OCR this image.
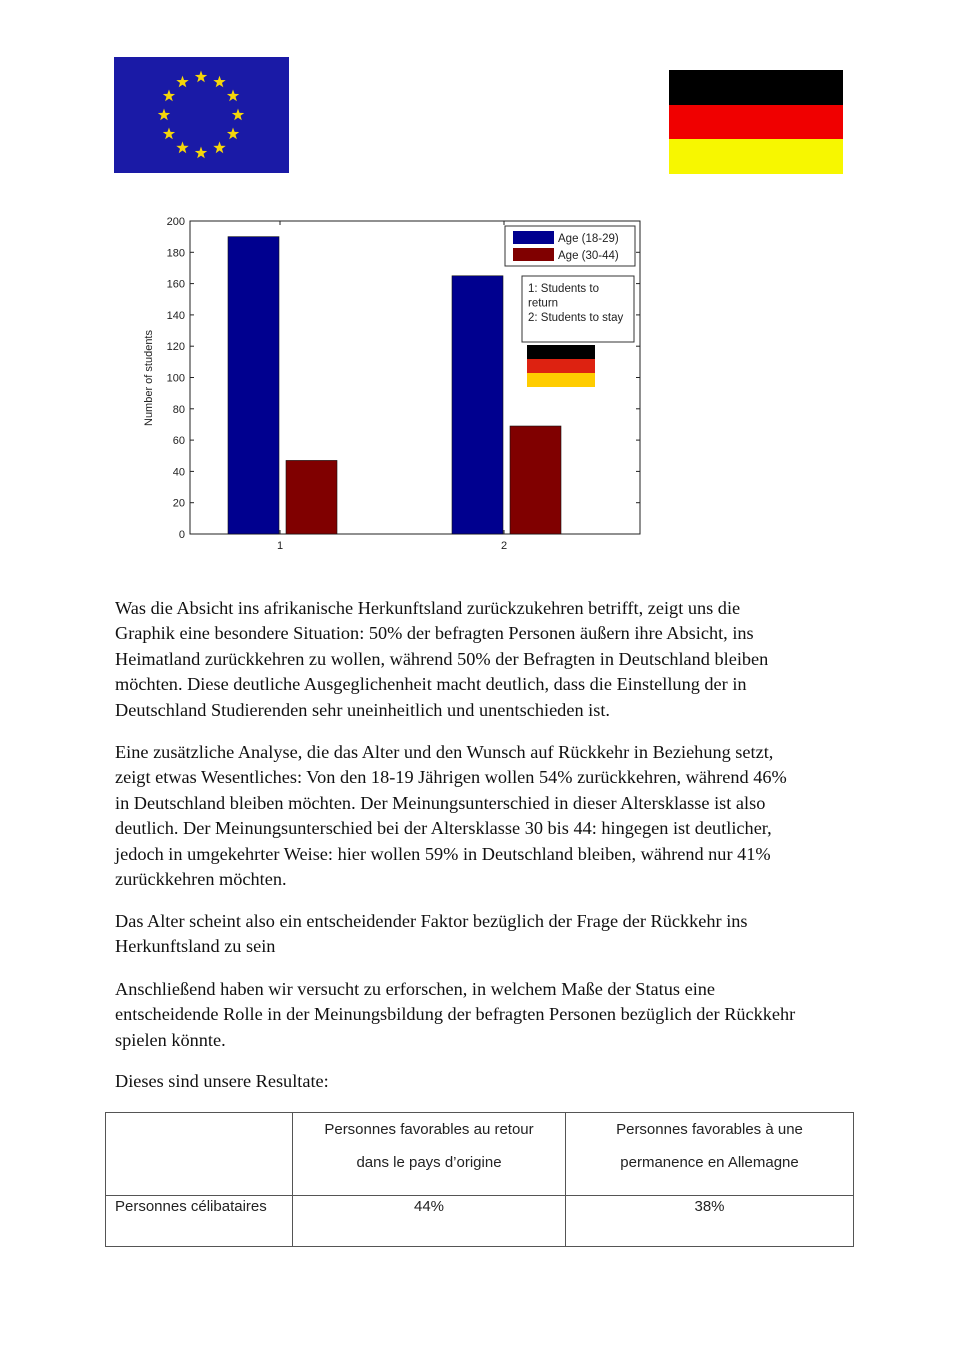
0
20
40
60
80
100
120
140
160
180
200
1	2
Number of students
Age (18-29)
Age (30-44)
1: Students to
return
2: Students to stay

Was die Absicht ins afrikanische Herkunftsland zurückzukehren betrifft, zeigt uns die
Graphik eine besondere Situation: 50% der befragten Personen äußern ihre Absicht, ins
Heimatland zurückkehren zu wollen, während 50% der Befragten in Deutschland bleiben
möchten. Diese deutliche Ausgeglichenheit macht deutlich, dass die Einstellung der in
Deutschland Studierenden sehr uneinheitlich und unentschieden ist.

Eine zusätzliche Analyse, die das Alter und den Wunsch auf Rückkehr in Beziehung setzt,
zeigt etwas Wesentliches: Von den 18-19 Jährigen wollen 54% zurückkehren, während 46%
in Deutschland bleiben möchten. Der Meinungsunterschied in dieser Altersklasse ist also
deutlich. Der Meinungsunterschied bei der Altersklasse 30 bis 44: hingegen ist deutlicher,
jedoch in umgekehrter Weise: hier wollen 59% in Deutschland bleiben, während nur 41%
zurückkehren möchten.

Das Alter scheint also ein entscheidender Faktor bezüglich der Frage der Rückkehr ins
Herkunftsland zu sein

Anschließend haben wir versucht zu erforschen, in welchem Maße der Status eine
entscheidende Rolle in der Meinungsbildung der befragten Personen bezüglich der Rückkehr
spielen könnte.

Dieses sind unsere Resultate:

	Personnes favorables au retour
dans le pays d’origine	Personnes favorables à une
permanence en Allemagne
Personnes célibataires	44%	38%
